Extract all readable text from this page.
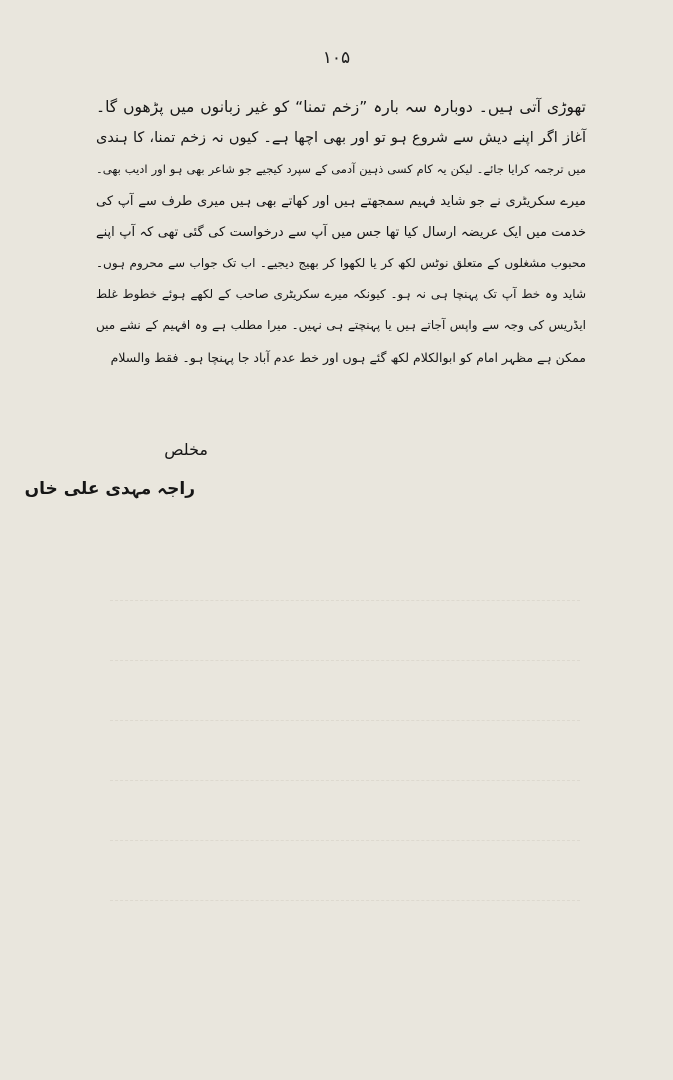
۱۰۵
تھوڑی آتی ہیں۔ دوبارہ سہ بارہ ”زخم تمنا“ کو غیر زبانوں میں پڑھوں گا۔
آغاز اگر اپنے دیش سے شروع ہو تو اور بھی اچھا ہے۔ کیوں نہ زخم تمنا، کا ہندی
میں ترجمہ کرایا جائے۔ لیکن یہ کام کسی ذہین آدمی کے سپرد کیجیے جو شاعر بھی ہو اور ادیب بھی۔
میرے سکریٹری نے جو شاید فہیم سمجھتے ہیں اور کھاتے بھی ہیں میری طرف سے آپ کی
خدمت میں ایک عریضہ ارسال کیا تھا جس میں آپ سے درخواست کی گئی تھی کہ آپ اپنے
محبوب مشغلوں کے متعلق نوٹس لکھ کر یا لکھوا کر بھیج دیجیے۔ اب تک جواب سے محروم ہوں۔
شاید وہ خط آپ تک پہنچا ہی نہ ہو۔ کیونکہ میرے سکریٹری صاحب کے لکھے ہوئے خطوط غلط
ایڈریس کی وجہ سے واپس آجاتے ہیں یا پہنچتے ہی نہیں۔ میرا مطلب ہے وہ افہیم کے نشے میں
ممکن ہے مظہر امام کو ابوالکلام لکھ گئے ہوں اور خط عدم آباد جا پہنچا ہو۔ فقط والسلام
مخلص
راجہ مہدی علی خاں
